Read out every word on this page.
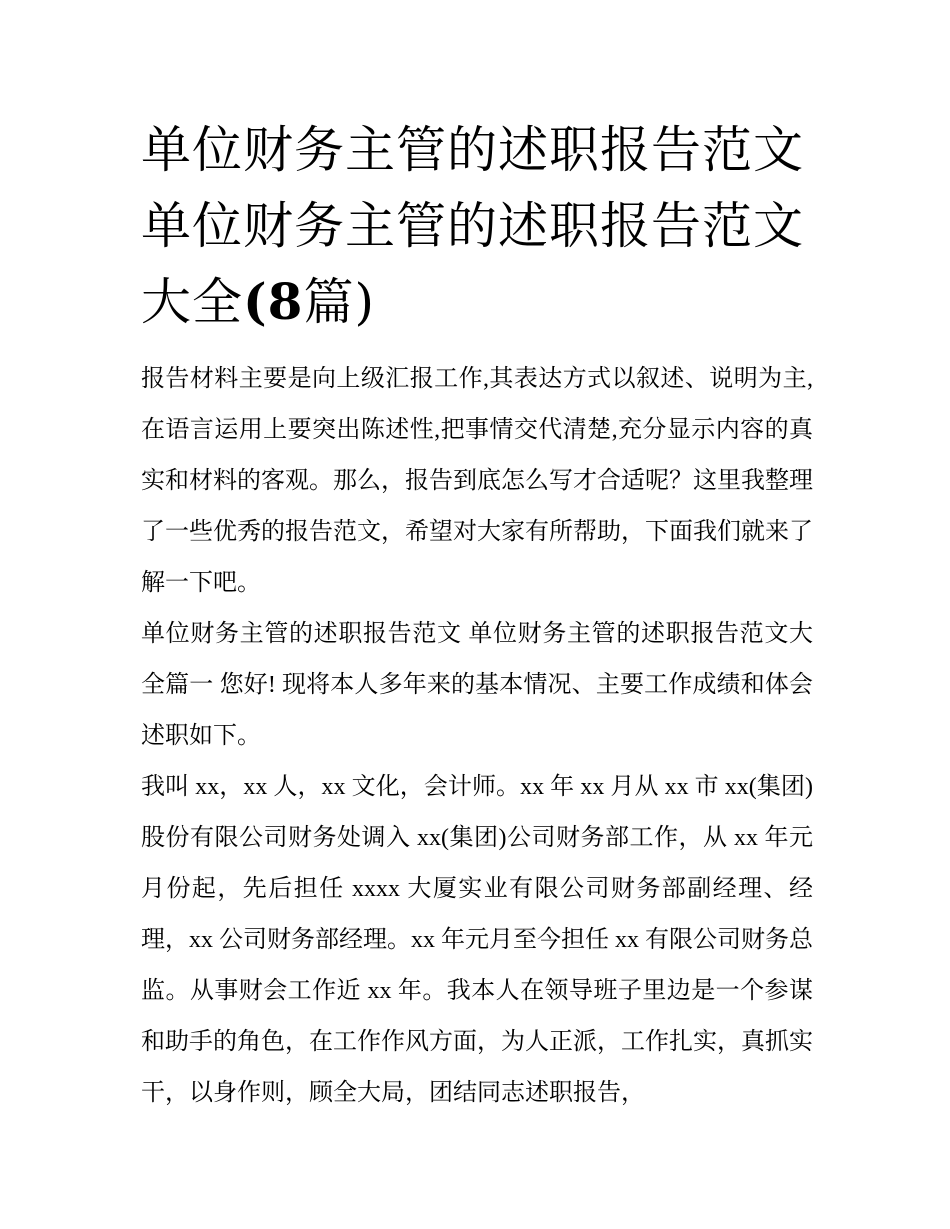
单位财务主管的述职报告范文
单位财务主管的述职报告范文
大全(8篇)

报告材料主要是向上级汇报工作,其表达方式以叙述、说明为主,在语言运用上要突出陈述性,把事情交代清楚,充分显示内容的真实和材料的客观。那么，报告到底怎么写才合适呢？这里我整理了一些优秀的报告范文，希望对大家有所帮助，下面我们就来了解一下吧。

单位财务主管的述职报告范文 单位财务主管的述职报告范文大全篇一 您好! 现将本人多年来的基本情况、主要工作成绩和体会述职如下。

我叫 xx，xx 人，xx 文化，会计师。xx 年 xx 月从 xx 市 xx(集团)股份有限公司财务处调入 xx(集团)公司财务部工作，从 xx 年元月份起，先后担任 xxxx 大厦实业有限公司财务部副经理、经理，xx 公司财务部经理。xx 年元月至今担任 xx 有限公司财务总监。从事财会工作近 xx 年。我本人在领导班子里边是一个参谋和助手的角色，在工作作风方面，为人正派，工作扎实，真抓实干，以身作则，顾全大局，团结同志述职报告，
